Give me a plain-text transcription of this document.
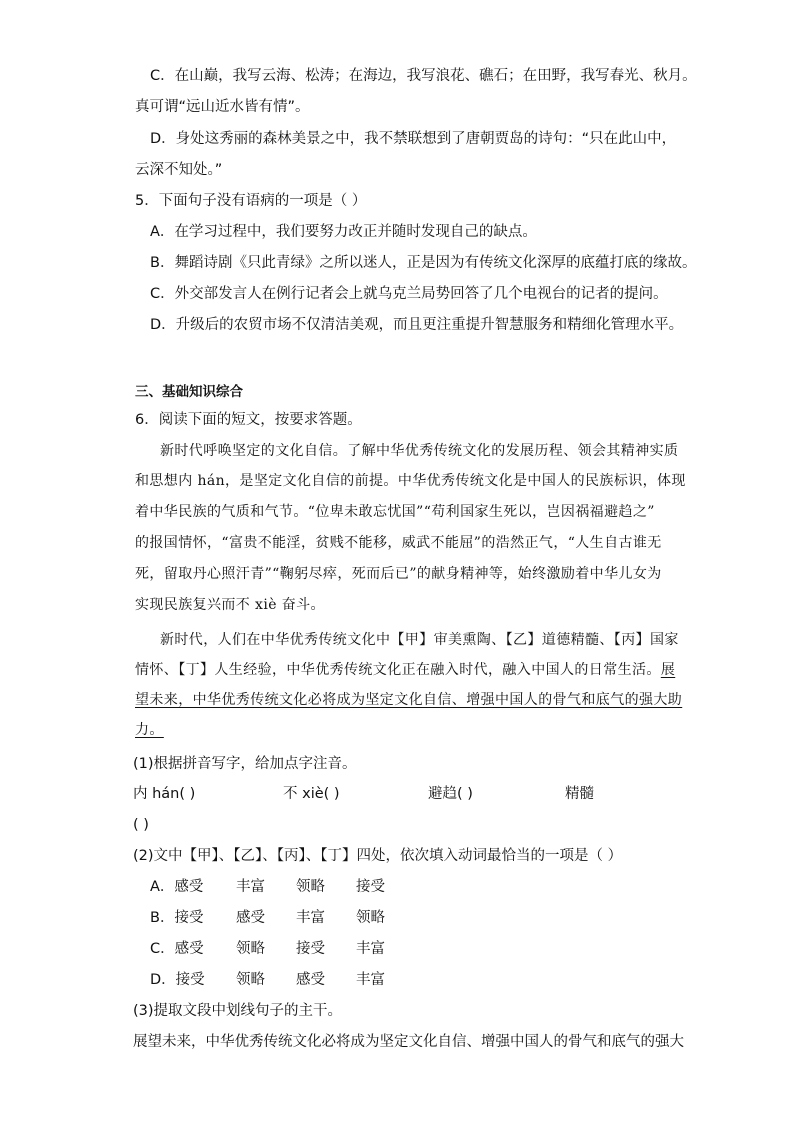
C．在山巅，我写云海、松涛；在海边，我写浪花、礁石；在田野，我写春光、秋月。
真可谓“远山近水皆有情”。
D．身处这秀丽的森林美景之中，我不禁联想到了唐朝贾岛的诗句：“只在此山中，
云深不知处。”
5．下面句子没有语病的一项是（ ）
A．在学习过程中，我们要努力改正并随时发现自己的缺点。
B．舞蹈诗剧《只此青绿》之所以迷人，正是因为有传统文化深厚的底蕴打底的缘故。
C．外交部发言人在例行记者会上就乌克兰局势回答了几个电视台的记者的提问。
D．升级后的农贸市场不仅清洁美观，而且更注重提升智慧服务和精细化管理水平。
三、基础知识综合
6．阅读下面的短文，按要求答题。
新时代呼唤坚定的文化自信。了解中华优秀传统文化的发展历程、领会其精神实质
和思想内 hán，是坚定文化自信的前提。中华优秀传统文化是中国人的民族标识，体现
着中华民族的气质和气节。“位卑未敢忘忧国”“苟利国家生死以，岂因祸福避趋之”
的报国情怀，“富贵不能淫，贫贱不能移，威武不能屈”的浩然正气，“人生自古谁无
死，留取丹心照汗青”“鞠躬尽瘁，死而后已”的献身精神等，始终激励着中华儿女为
实现民族复兴而不 xiè 奋斗。
新时代，人们在中华优秀传统文化中【甲】审美熏陶、【乙】道德精髓、【丙】国家
情怀、【丁】人生经验，中华优秀传统文化正在融入时代，融入中国人的日常生活。展
望未来，中华优秀传统文化必将成为坚定文化自信、增强中国人的骨气和底气的强大助
力。
(1)根据拼音写字，给加点字注音。
内 hán( )	不 xiè( )	避趋( )	精髓
( )
(2)文中【甲】、【乙】、【丙】、【丁】四处，依次填入动词最恰当的一项是（ ）
A．感受 丰富 领略 接受
B．接受 感受 丰富 领略
C．感受 领略 接受 丰富
D．接受 领略 感受 丰富
(3)提取文段中划线句子的主干。
展望未来，中华优秀传统文化必将成为坚定文化自信、增强中国人的骨气和底气的强大
